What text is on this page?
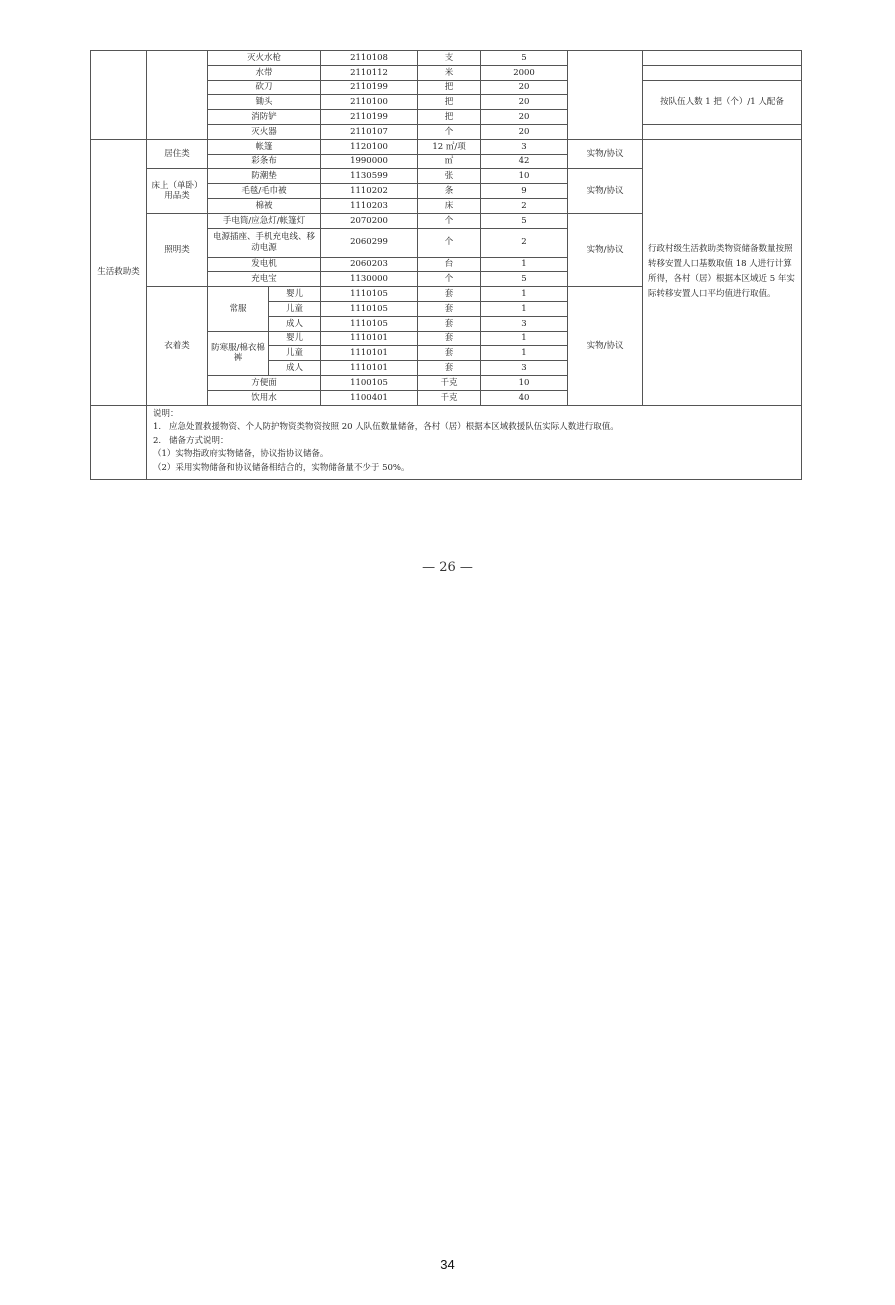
		灭火水枪		2110108	支	5		
		水带		2110112	米	2000		
		砍刀		2110199	把	20		按队伍人数 1 把（个）/1 人配备
		锄头		2110100	把	20		
		消防铲		2110199	把	20		
		灭火器		2110107	个	20		
生活救助类	居住类	帐篷		1120100	12 ㎡/项	3	实物/协议	行政村级生活救助类物资储备数量按照转移安置人口基数取值 18 人进行计算所得，各村（居）根据本区域近 5 年实际转移安置人口平均值进行取值。
		彩条布		1990000	㎡	42		
	床上（单卧）用品类	防潮垫		1130599	张	10	实物/协议	
		毛毯/毛巾被		1110202	条	9		
		棉被		1110203	床	2		
	照明类	手电筒/应急灯/帐篷灯		2070200	个	5	实物/协议	
		电源插座、手机充电线、移动电源		2060299	个	2		
		发电机		2060203	台	1		
		充电宝		1130000	个	5		
	衣着类	常服	婴儿	1110105	套	1	实物/协议	
			儿童	1110105	套	1		
			成人	1110105	套	3		
		防寒服/棉衣棉裤	婴儿	1110101	套	1		
			儿童	1110101	套	1		
			成人	1110101	套	3		
		方便面		1100105	千克	10		
		饮用水		1100401	千克	40		

	说明：
1. 应急处置救援物资、个人防护物资类物资按照 20 人队伍数量储备，各村（居）根据本区域救援队伍实际人数进行取值。
2. 储备方式说明：
（1）实物指政府实物储备，协议指协议储备。
（2）采用实物储备和协议储备相结合的，实物储备量不少于 50%。							
— 26 —
34
